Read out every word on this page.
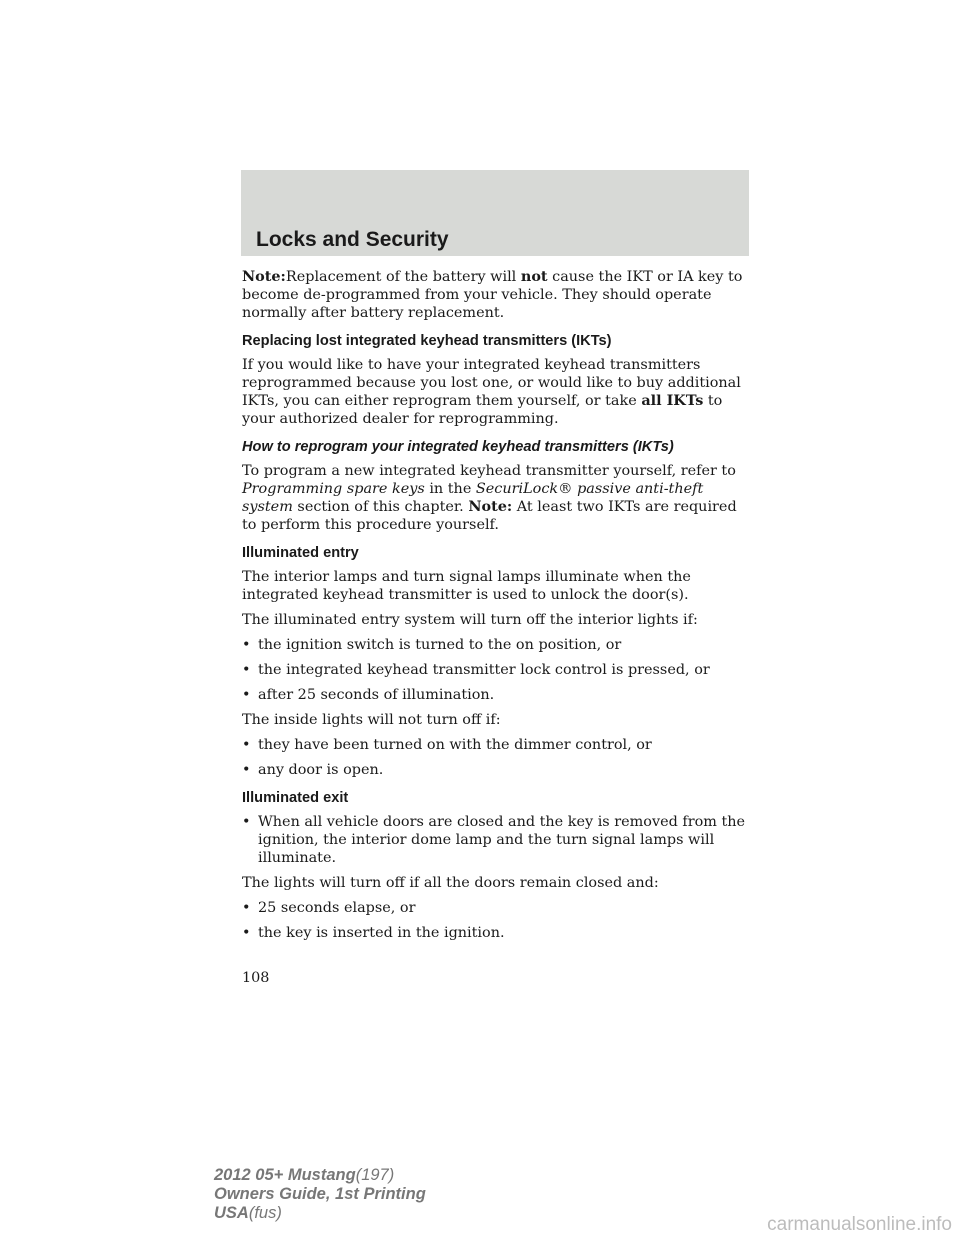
Locks and Security

Note:Replacement of the battery will not cause the IKT or IA key to become de-programmed from your vehicle. They should operate normally after battery replacement.

Replacing lost integrated keyhead transmitters (IKTs)

If you would like to have your integrated keyhead transmitters reprogrammed because you lost one, or would like to buy additional IKTs, you can either reprogram them yourself, or take all IKTs to your authorized dealer for reprogramming.

How to reprogram your integrated keyhead transmitters (IKTs)

To program a new integrated keyhead transmitter yourself, refer to Programming spare keys in the SecuriLock® passive anti-theft system section of this chapter. Note: At least two IKTs are required to perform this procedure yourself.

Illuminated entry

The interior lamps and turn signal lamps illuminate when the integrated keyhead transmitter is used to unlock the door(s).

The illuminated entry system will turn off the interior lights if:

• the ignition switch is turned to the on position, or
• the integrated keyhead transmitter lock control is pressed, or
• after 25 seconds of illumination.

The inside lights will not turn off if:

• they have been turned on with the dimmer control, or
• any door is open.
Illuminated exit
• When all vehicle doors are closed and the key is removed from the ignition, the interior dome lamp and the turn signal lamps will illuminate.

The lights will turn off if all the doors remain closed and:

• 25 seconds elapse, or
• the key is inserted in the ignition.
108
2012 05+ Mustang(197)
Owners Guide, 1st Printing
USA(fus)
carmanualsonline.info
